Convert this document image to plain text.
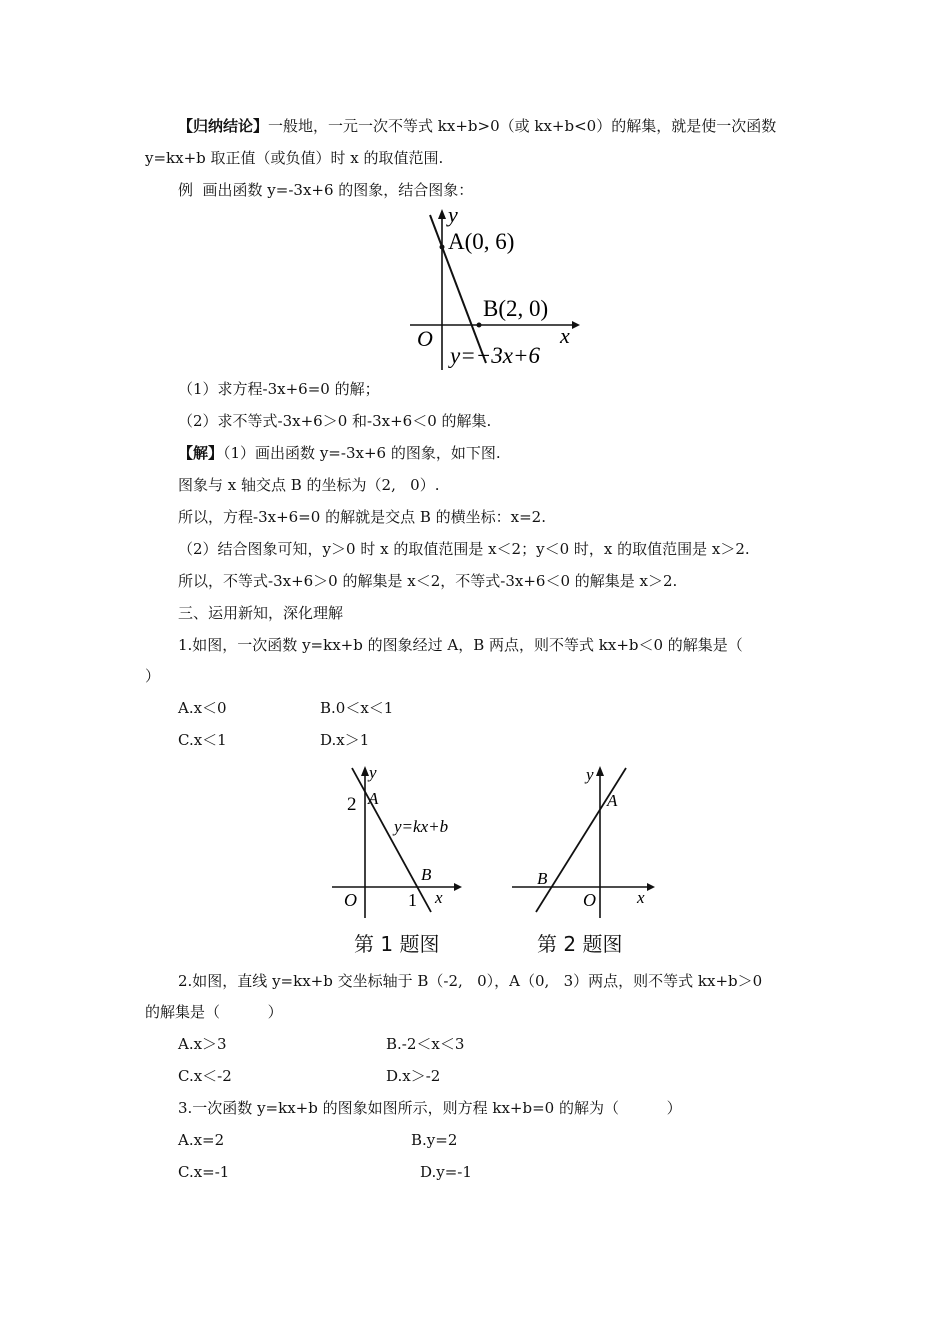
【归纳结论】一般地，一元一次不等式 kx+b>0（或 kx+b<0）的解集，就是使一次函数
y=kx+b 取正值（或负值）时 x 的取值范围.
例  画出函数 y=-3x+6 的图象，结合图象：
y
x
O
A(0, 6)
B(2, 0)
y=−3x+6
（1）求方程-3x+6=0 的解；
（2）求不等式-3x+6＞0 和-3x+6＜0 的解集.
【解】（1）画出函数 y=-3x+6 的图象，如下图.
图象与 x 轴交点 B 的坐标为（2,   0）.
所以，方程-3x+6=0 的解就是交点 B 的横坐标：x=2.
（2）结合图象可知，y＞0 时 x 的取值范围是 x＜2；y＜0 时，x 的取值范围是 x＞2.
所以，不等式-3x+6＞0 的解集是 x＜2，不等式-3x+6＜0 的解集是 x＞2.
三、运用新知，深化理解
1.如图，一次函数 y=kx+b 的图象经过 A，B 两点，则不等式 kx+b＜0 的解集是（
）
A.x＜0	B.0＜x＜1
C.x＜1	D.x＞1
y
x
O
2
1
A
B
y=kx+b
第 1 题图
y
x
O
A
B
第 2 题图
2.如图，直线 y=kx+b 交坐标轴于 B（-2,   0），A（0,   3）两点，则不等式 kx+b＞0
的解集是（          ）
A.x＞3	B.-2＜x＜3
C.x＜-2	D.x＞-2
3.一次函数 y=kx+b 的图象如图所示，则方程 kx+b=0 的解为（          ）
A.x=2	B.y=2
C.x=-1	D.y=-1
